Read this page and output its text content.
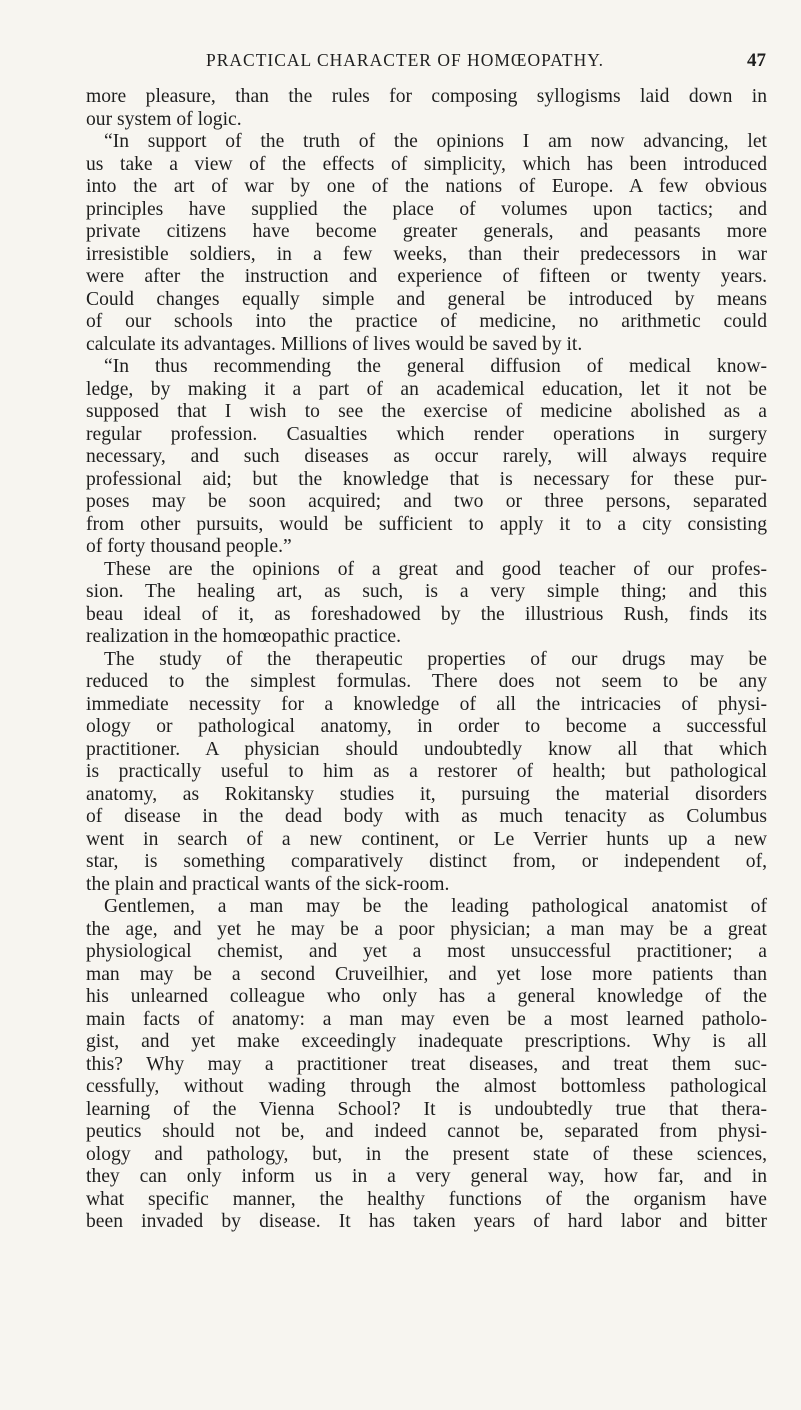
PRACTICAL CHARACTER OF HOMŒOPATHY.	47
more pleasure, than the rules for composing syllogisms laid down in
our system of logic.
“In support of the truth of the opinions I am now advancing, let
us take a view of the effects of simplicity, which has been introduced
into the art of war by one of the nations of Europe. A few obvious
principles have supplied the place of volumes upon tactics; and
private citizens have become greater generals, and peasants more
irresistible soldiers, in a few weeks, than their predecessors in war
were after the instruction and experience of fifteen or twenty years.
Could changes equally simple and general be introduced by means
of our schools into the practice of medicine, no arithmetic could
calculate its advantages. Millions of lives would be saved by it.
“In thus recommending the general diffusion of medical know-
ledge, by making it a part of an academical education, let it not be
supposed that I wish to see the exercise of medicine abolished as a
regular profession. Casualties which render operations in surgery
necessary, and such diseases as occur rarely, will always require
professional aid; but the knowledge that is necessary for these pur-
poses may be soon acquired; and two or three persons, separated
from other pursuits, would be sufficient to apply it to a city consisting
of forty thousand people.”
These are the opinions of a great and good teacher of our profes-
sion. The healing art, as such, is a very simple thing; and this
beau ideal of it, as foreshadowed by the illustrious Rush, finds its
realization in the homœopathic practice.
The study of the therapeutic properties of our drugs may be
reduced to the simplest formulas. There does not seem to be any
immediate necessity for a knowledge of all the intricacies of physi-
ology or pathological anatomy, in order to become a successful
practitioner. A physician should undoubtedly know all that which
is practically useful to him as a restorer of health; but pathological
anatomy, as Rokitansky studies it, pursuing the material disorders
of disease in the dead body with as much tenacity as Columbus
went in search of a new continent, or Le Verrier hunts up a new
star, is something comparatively distinct from, or independent of,
the plain and practical wants of the sick-room.
Gentlemen, a man may be the leading pathological anatomist of
the age, and yet he may be a poor physician; a man may be a great
physiological chemist, and yet a most unsuccessful practitioner; a
man may be a second Cruveilhier, and yet lose more patients than
his unlearned colleague who only has a general knowledge of the
main facts of anatomy: a man may even be a most learned patholo-
gist, and yet make exceedingly inadequate prescriptions. Why is all
this? Why may a practitioner treat diseases, and treat them suc-
cessfully, without wading through the almost bottomless pathological
learning of the Vienna School? It is undoubtedly true that thera-
peutics should not be, and indeed cannot be, separated from physi-
ology and pathology, but, in the present state of these sciences,
they can only inform us in a very general way, how far, and in
what specific manner, the healthy functions of the organism have
been invaded by disease. It has taken years of hard labor and bitter
